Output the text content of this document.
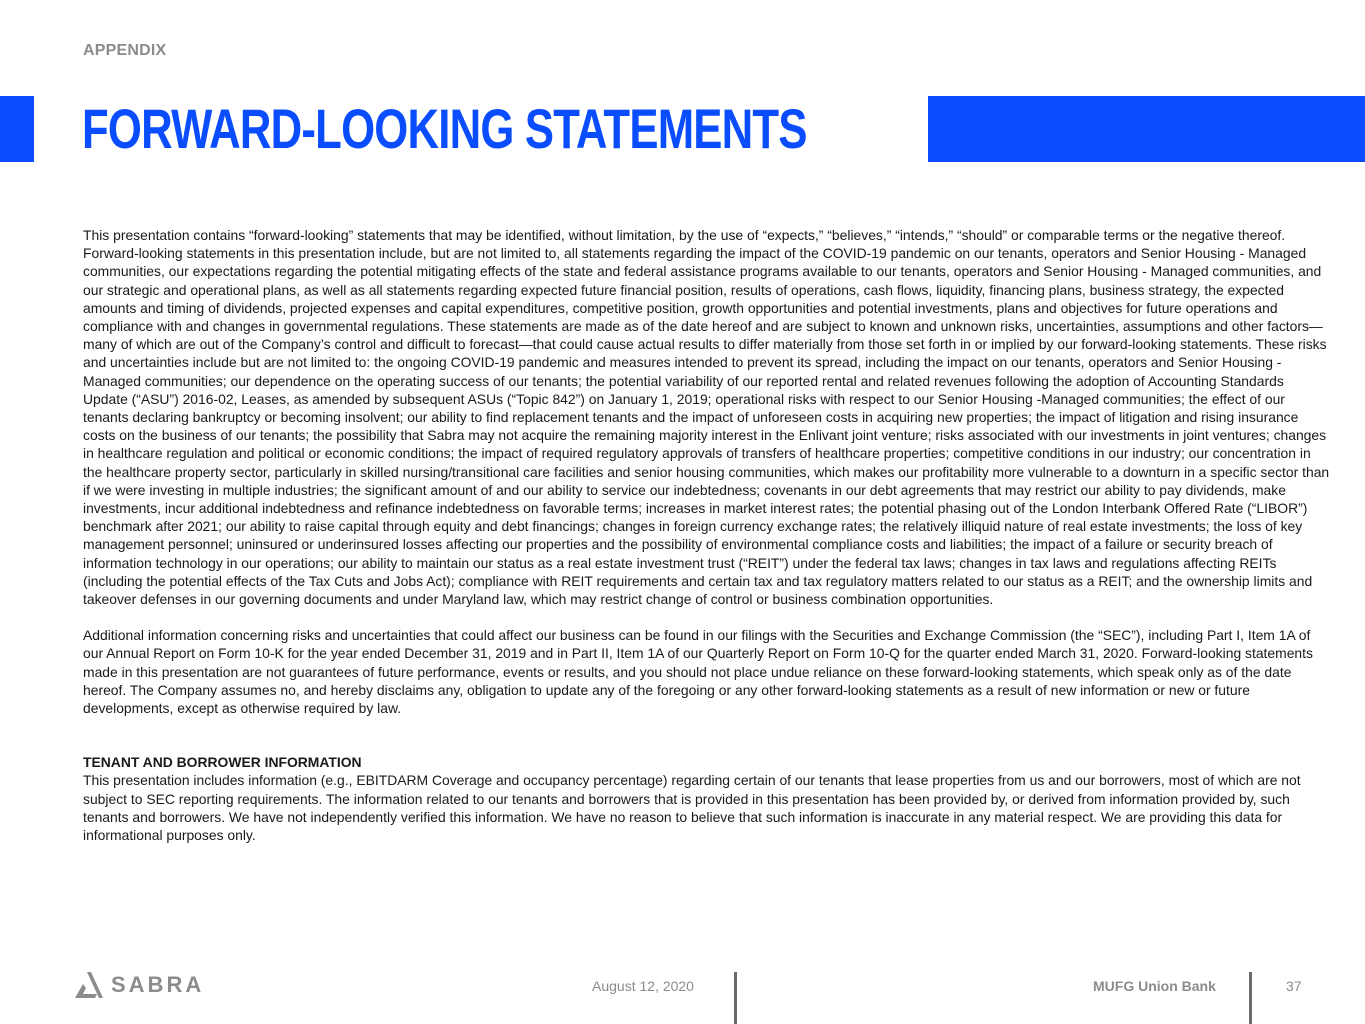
APPENDIX
FORWARD-LOOKING STATEMENTS

This presentation contains “forward-looking” statements that may be identified, without limitation, by the use of “expects,” “believes,” “intends,” “should” or comparable terms or the negative thereof. Forward-looking statements in this presentation include, but are not limited to, all statements regarding the impact of the COVID-19 pandemic on our tenants, operators and Senior Housing - Managed communities, our expectations regarding the potential mitigating effects of the state and federal assistance programs available to our tenants, operators and Senior Housing - Managed communities, and our strategic and operational plans, as well as all statements regarding expected future financial position, results of operations, cash flows, liquidity, financing plans, business strategy, the expected amounts and timing of dividends, projected expenses and capital expenditures, competitive position, growth opportunities and potential investments, plans and objectives for future operations and compliance with and changes in governmental regulations. These statements are made as of the date hereof and are subject to known and unknown risks, uncertainties, assumptions and other factors—many of which are out of the Company’s control and difficult to forecast—that could cause actual results to differ materially from those set forth in or implied by our forward-looking statements. These risks and uncertainties include but are not limited to: the ongoing COVID-19 pandemic and measures intended to prevent its spread, including the impact on our tenants, operators and Senior Housing - Managed communities; our dependence on the operating success of our tenants; the potential variability of our reported rental and related revenues following the adoption of Accounting Standards Update (“ASU”) 2016-02, Leases, as amended by subsequent ASUs (“Topic 842”) on January 1, 2019; operational risks with respect to our Senior Housing -Managed communities; the effect of our tenants declaring bankruptcy or becoming insolvent; our ability to find replacement tenants and the impact of unforeseen costs in acquiring new properties; the impact of litigation and rising insurance costs on the business of our tenants; the possibility that Sabra may not acquire the remaining majority interest in the Enlivant joint venture; risks associated with our investments in joint ventures; changes in healthcare regulation and political or economic conditions; the impact of required regulatory approvals of transfers of healthcare properties; competitive conditions in our industry; our concentration in the healthcare property sector, particularly in skilled nursing/transitional care facilities and senior housing communities, which makes our profitability more vulnerable to a downturn in a specific sector than if we were investing in multiple industries; the significant amount of and our ability to service our indebtedness; covenants in our debt agreements that may restrict our ability to pay dividends, make investments, incur additional indebtedness and refinance indebtedness on favorable terms; increases in market interest rates; the potential phasing out of the London Interbank Offered Rate (“LIBOR”) benchmark after 2021; our ability to raise capital through equity and debt financings; changes in foreign currency exchange rates; the relatively illiquid nature of real estate investments; the loss of key management personnel; uninsured or underinsured losses affecting our properties and the possibility of environmental compliance costs and liabilities; the impact of a failure or security breach of information technology in our operations; our ability to maintain our status as a real estate investment trust (“REIT”) under the federal tax laws; changes in tax laws and regulations affecting REITs (including the potential effects of the Tax Cuts and Jobs Act); compliance with REIT requirements and certain tax and tax regulatory matters related to our status as a REIT; and the ownership limits and takeover defenses in our governing documents and under Maryland law, which may restrict change of control or business combination opportunities.

Additional information concerning risks and uncertainties that could affect our business can be found in our filings with the Securities and Exchange Commission (the “SEC”), including Part I, Item 1A of our Annual Report on Form 10-K for the year ended December 31, 2019 and in Part II, Item 1A of our Quarterly Report on Form 10-Q for the quarter ended March 31, 2020. Forward-looking statements made in this presentation are not guarantees of future performance, events or results, and you should not place undue reliance on these forward-looking statements, which speak only as of the date hereof. The Company assumes no, and hereby disclaims any, obligation to update any of the foregoing or any other forward-looking statements as a result of new information or new or future developments, except as otherwise required by law.

TENANT AND BORROWER INFORMATION

This presentation includes information (e.g., EBITDARM Coverage and occupancy percentage) regarding certain of our tenants that lease properties from us and our borrowers, most of which are not subject to SEC reporting requirements. The information related to our tenants and borrowers that is provided in this presentation has been provided by, or derived from information provided by, such tenants and borrowers. We have not independently verified this information. We have no reason to believe that such information is inaccurate in any material respect. We are providing this data for informational purposes only.

SABRA	August 12, 2020	MUFG Union Bank	37
